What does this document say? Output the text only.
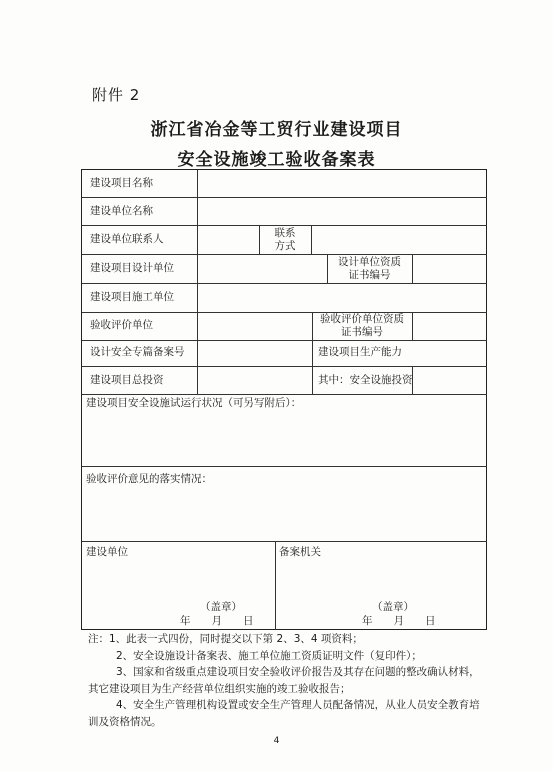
附件 2
浙江省冶金等工贸行业建设项目
安全设施竣工验收备案表
建设项目名称
建设单位名称
建设单位联系人	联系
方式
建设项目设计单位	设计单位资质
证书编号
建设项目施工单位
验收评价单位	验收评价单位资质
证书编号
设计安全专篇备案号	建设项目生产能力
建设项目总投资	其中：安全设施投资
建设项目安全设施试运行状况（可另写附后）：
验收评价意见的落实情况：
建设单位	备案机关
（盖章）
年　　月　　日
（盖章）
年　　月　　日
注：1、此表一式四份，同时提交以下第 2、3、4 项资料；
2、安全设施设计备案表、施工单位施工资质证明文件（复印件）；
3、国家和省级重点建设项目安全验收评价报告及其存在问题的整改确认材料，
其它建设项目为生产经营单位组织实施的竣工验收报告；
4、安全生产管理机构设置或安全生产管理人员配备情况，从业人员安全教育培
训及资格情况。
4
